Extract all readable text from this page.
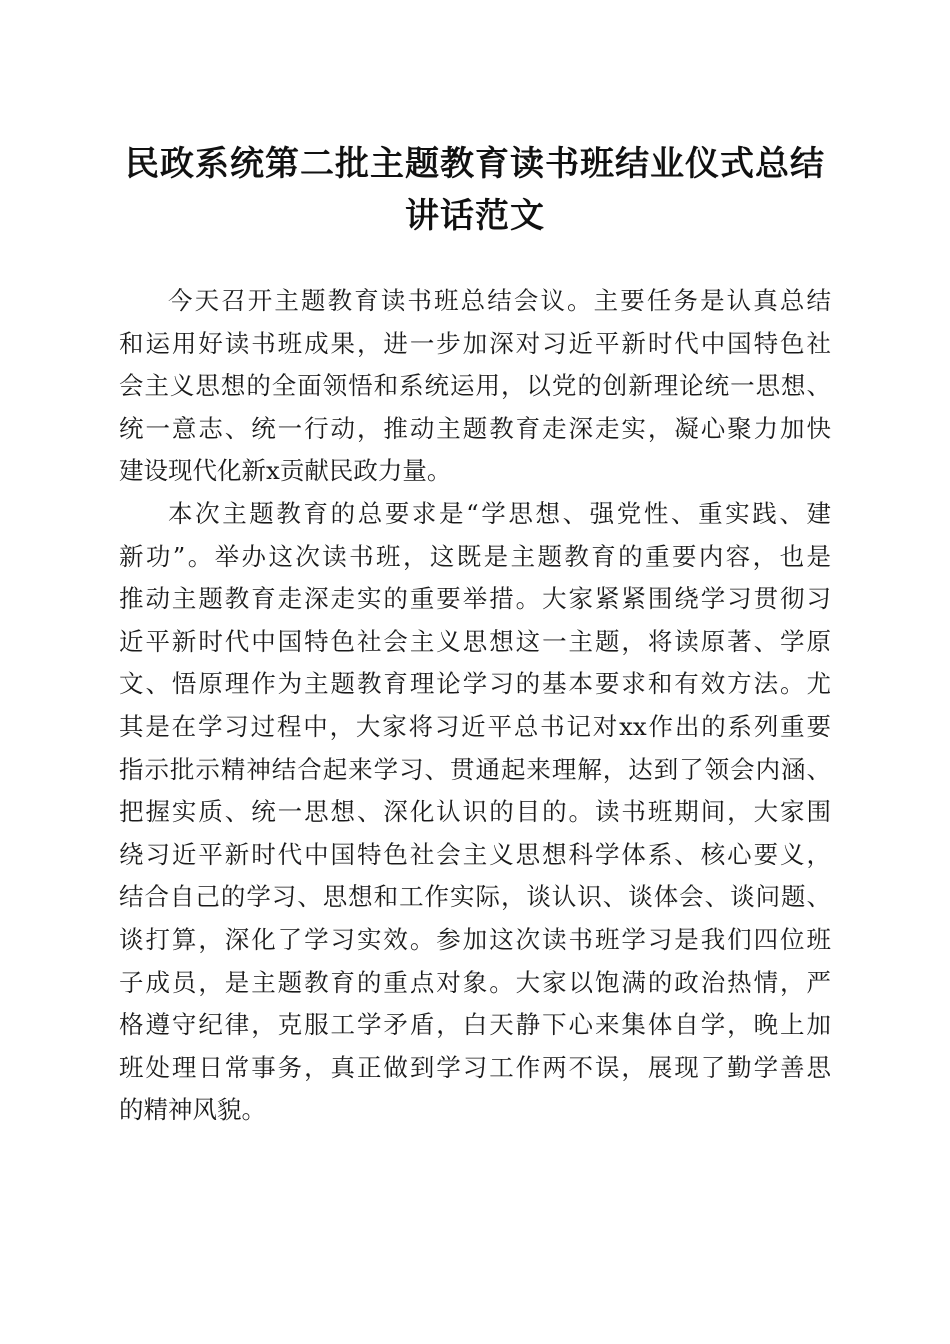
民政系统第二批主题教育读书班结业仪式总结
讲话范文

今天召开主题教育读书班总结会议。主要任务是认真总结
和运用好读书班成果，进一步加深对习近平新时代中国特色社
会主义思想的全面领悟和系统运用，以党的创新理论统一思想、
统一意志、统一行动，推动主题教育走深走实，凝心聚力加快
建设现代化新x贡献民政力量。

本次主题教育的总要求是“学思想、强党性、重实践、建
新功”。举办这次读书班，这既是主题教育的重要内容，也是
推动主题教育走深走实的重要举措。大家紧紧围绕学习贯彻习
近平新时代中国特色社会主义思想这一主题，将读原著、学原
文、悟原理作为主题教育理论学习的基本要求和有效方法。尤
其是在学习过程中，大家将习近平总书记对xx作出的系列重要
指示批示精神结合起来学习、贯通起来理解，达到了领会内涵、
把握实质、统一思想、深化认识的目的。读书班期间，大家围
绕习近平新时代中国特色社会主义思想科学体系、核心要义，
结合自己的学习、思想和工作实际，谈认识、谈体会、谈问题、
谈打算，深化了学习实效。参加这次读书班学习是我们四位班
子成员，是主题教育的重点对象。大家以饱满的政治热情，严
格遵守纪律，克服工学矛盾，白天静下心来集体自学，晚上加
班处理日常事务，真正做到学习工作两不误，展现了勤学善思
的精神风貌。
